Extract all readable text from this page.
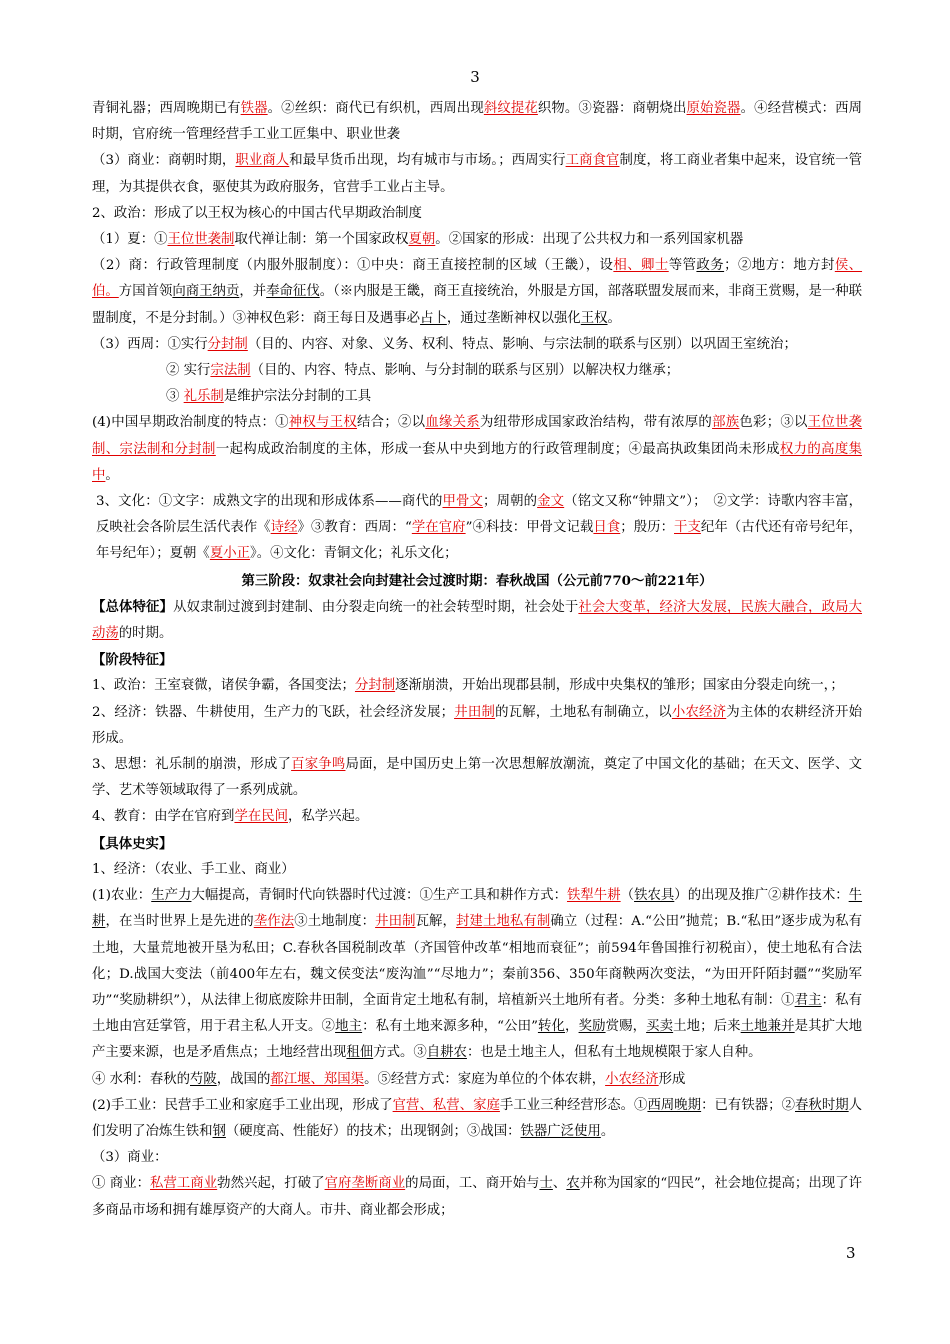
3

青铜礼器；西周晚期已有铁器。②丝织：商代已有织机，西周出现斜纹提花织物。③瓷器：商朝烧出原始瓷器。④经营模式：西周时期，官府统一管理经营手工业工匠集中、职业世袭

（3）商业：商朝时期，职业商人和最早货币出现，均有城市与市场。；西周实行工商食官制度，将工商业者集中起来，设官统一管理，为其提供衣食，驱使其为政府服务，官营手工业占主导。

2、政治：形成了以王权为核心的中国古代早期政治制度

（1）夏：①王位世袭制取代禅让制：第一个国家政权夏朝。②国家的形成：出现了公共权力和一系列国家机器

（2）商：行政管理制度（内服外服制度）：①中央：商王直接控制的区域（王畿），设相、卿士等管政务；②地方：地方封侯、伯。方国首领向商王纳贡，并奉命征伐。（※内服是王畿，商王直接统治，外服是方国，部落联盟发展而来，非商王赏赐，是一种联盟制度，不是分封制。）③神权色彩：商王每日及遇事必占卜，通过垄断神权以强化王权。

（3）西周：①实行分封制（目的、内容、对象、义务、权利、特点、影响、与宗法制的联系与区别）以巩固王室统治；

② 实行宗法制（目的、内容、特点、影响、与分封制的联系与区别）以解决权力继承；

③ 礼乐制是维护宗法分封制的工具

(4)中国早期政治制度的特点：①神权与王权结合；②以血缘关系为纽带形成国家政治结构，带有浓厚的部族色彩；③以王位世袭制、宗法制和分封制一起构成政治制度的主体，形成一套从中央到地方的行政管理制度；④最高执政集团尚未形成权力的高度集中。

3、文化：①文字：成熟文字的出现和形成体系——商代的甲骨文；周朝的金文（铭文又称“钟鼎文”）；　②文学：诗歌内容丰富，反映社会各阶层生活代表作《诗经》③教育：西周：“学在官府”④科技：甲骨文记载日食；殷历：干支纪年（古代还有帝号纪年，年号纪年）；夏朝《夏小正》。④文化：青铜文化；礼乐文化；

第三阶段：奴隶社会向封建社会过渡时期：春秋战国（公元前770～前221年）

【总体特征】从奴隶制过渡到封建制、由分裂走向统一的社会转型时期，社会处于社会大变革，经济大发展，民族大融合，政局大动荡的时期。

【阶段特征】

1、政治：王室衰微，诸侯争霸，各国变法；分封制逐渐崩溃，开始出现郡县制，形成中央集权的雏形；国家由分裂走向统一，；

2、经济：铁器、牛耕使用，生产力的飞跃，社会经济发展；井田制的瓦解，土地私有制确立，以小农经济为主体的农耕经济开始形成。

3、思想：礼乐制的崩溃，形成了百家争鸣局面，是中国历史上第一次思想解放潮流，奠定了中国文化的基础；在天文、医学、文学、艺术等领域取得了一系列成就。

4、教育：由学在官府到学在民间，私学兴起。

【具体史实】

1、经济：（农业、手工业、商业）

(1)农业：生产力大幅提高，青铜时代向铁器时代过渡：①生产工具和耕作方式：铁犁牛耕（铁农具）的出现及推广②耕作技术：牛耕，在当时世界上是先进的垄作法③土地制度：井田制瓦解，封建土地私有制确立（过程：A.“公田”抛荒；B.“私田”逐步成为私有土地，大量荒地被开垦为私田；C.春秋各国税制改革（齐国管仲改革“相地而衰征”；前594年鲁国推行初税亩），使土地私有合法化；D.战国大变法（前400年左右，魏文侯变法“废沟洫”“尽地力”；秦前356、350年商鞅两次变法，“为田开阡陌封疆”“奖励军功”“奖励耕织”），从法律上彻底废除井田制，全面肯定土地私有制，培植新兴土地所有者。分类：多种土地私有制：①君主：私有土地由宫廷掌管，用于君主私人开支。②地主：私有土地来源多种，“公田”转化，奖励赏赐，买卖土地；后来土地兼并是其扩大地产主要来源，也是矛盾焦点；土地经营出现租佃方式。③自耕农：也是土地主人，但私有土地规模限于家人自种。

④ 水利：春秋的芍陂，战国的都江堰、郑国渠。⑤经营方式：家庭为单位的个体农耕，小农经济形成

(2)手工业：民营手工业和家庭手工业出现，形成了官营、私营、家庭手工业三种经营形态。①西周晚期：已有铁器；②春秋时期人们发明了冶炼生铁和钢（硬度高、性能好）的技术；出现钢剑；③战国：铁器广泛使用。

（3）商业：

① 商业：私营工商业勃然兴起，打破了官府垄断商业的局面，工、商开始与士、农并称为国家的“四民”，社会地位提高；出现了许多商品市场和拥有雄厚资产的大商人。市井、商业都会形成；

3
